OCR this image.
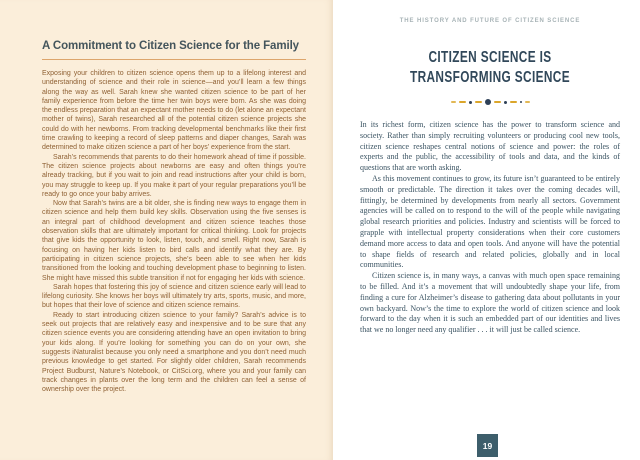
A Commitment to Citizen Science for the Family

Exposing your children to citizen science opens them up to a lifelong interest and understanding of science and their role in science—and you’ll learn a few things along the way as well. Sarah knew she wanted citizen science to be part of her family experience from before the time her twin boys were born. As she was doing the endless preparation that an expectant mother needs to do (let alone an expectant mother of twins), Sarah researched all of the potential citizen science projects she could do with her newborns. From tracking developmental benchmarks like their first time crawling to keeping a record of sleep patterns and diaper changes, Sarah was determined to make citizen science a part of her boys’ experience from the start.

Sarah’s recommends that parents to do their homework ahead of time if possible. The citizen science projects about newborns are easy and often things you’re already tracking, but if you wait to join and read instructions after your child is born, you may struggle to keep up. If you make it part of your regular preparations you’ll be ready to go once your baby arrives.

Now that Sarah’s twins are a bit older, she is finding new ways to engage them in citizen science and help them build key skills. Observation using the five senses is an integral part of childhood development and citizen science teaches those observation skills that are ultimately important for critical thinking. Look for projects that give kids the opportunity to look, listen, touch, and smell. Right now, Sarah is focusing on having her kids listen to bird calls and identify what they are. By participating in citizen science projects, she’s been able to see when her kids transitioned from the looking and touching development phase to beginning to listen. She might have missed this subtle transition if not for engaging her kids with science.

Sarah hopes that fostering this joy of science and citizen science early will lead to lifelong curiosity. She knows her boys will ultimately try arts, sports, music, and more, but hopes that their love of science and citizen science remains.

Ready to start introducing citizen science to your family? Sarah’s advice is to seek out projects that are relatively easy and inexpensive and to be sure that any citizen science events you are considering attending have an open invitation to bring your kids along. If you’re looking for something you can do on your own, she suggests iNaturalist because you only need a smartphone and you don’t need much previous knowledge to get started. For slightly older children, Sarah recommends Project Budburst, Nature’s Notebook, or CitSci.org, where you and your family can track changes in plants over the long term and the children can feel a sense of ownership over the project.

THE HISTORY AND FUTURE OF CITIZEN SCIENCE
CITIZEN SCIENCE IS
TRANSFORMING SCIENCE

In its richest form, citizen science has the power to transform science and society. Rather than simply recruiting volunteers or producing cool new tools, citizen science reshapes central notions of science and power: the roles of experts and the public, the accessibility of tools and data, and the kinds of questions that are worth asking.

As this movement continues to grow, its future isn’t guaranteed to be entirely smooth or predictable. The direction it takes over the coming decades will, fittingly, be determined by developments from nearly all sectors. Government agencies will be called on to respond to the will of the people while navigating global research priorities and policies. Industry and scientists will be forced to grapple with intellectual property considerations when their core customers demand more access to data and open tools. And anyone will have the potential to shape fields of research and related policies, globally and in local communities.

Citizen science is, in many ways, a canvas with much open space remaining to be filled. And it’s a movement that will undoubtedly shape your life, from finding a cure for Alzheimer’s disease to gathering data about pollutants in your own backyard. Now’s the time to explore the world of citizen science and look forward to the day when it is such an embedded part of our identities and lives that we no longer need any qualifier . . . it will just be called science.

19
